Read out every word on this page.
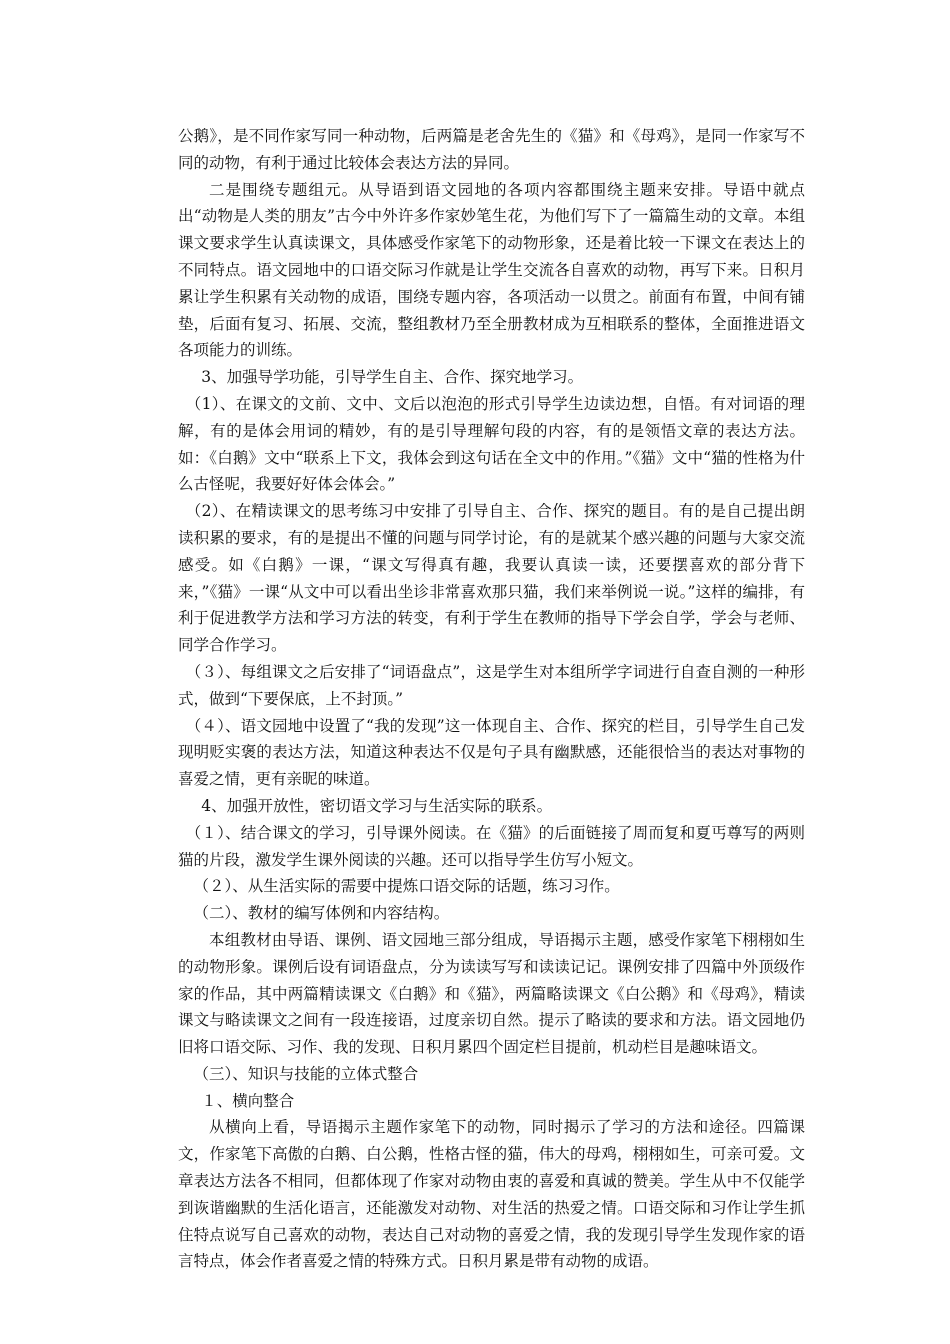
公鹅》，是不同作家写同一种动物，后两篇是老舍先生的《猫》和《母鸡》，是同一作家写不同的动物，有利于通过比较体会表达方法的异同。

二是围绕专题组元。从导语到语文园地的各项内容都围绕主题来安排。导语中就点出“动物是人类的朋友”古今中外许多作家妙笔生花，为他们写下了一篇篇生动的文章。本组课文要求学生认真读课文，具体感受作家笔下的动物形象，还是着比较一下课文在表达上的不同特点。语文园地中的口语交际习作就是让学生交流各自喜欢的动物，再写下来。日积月累让学生积累有关动物的成语，围绕专题内容，各项活动一以贯之。前面有布置，中间有铺垫，后面有复习、拓展、交流，整组教材乃至全册教材成为互相联系的整体，全面推进语文各项能力的训练。

3、加强导学功能，引导学生自主、合作、探究地学习。

（1）、在课文的文前、文中、文后以泡泡的形式引导学生边读边想，自悟。有对词语的理解，有的是体会用词的精妙，有的是引导理解句段的内容，有的是领悟文章的表达方法。如：《白鹅》文中“联系上下文，我体会到这句话在全文中的作用。”《猫》文中“猫的性格为什么古怪呢，我要好好体会体会。”

（2）、在精读课文的思考练习中安排了引导自主、合作、探究的题目。有的是自己提出朗读积累的要求，有的是提出不懂的问题与同学讨论，有的是就某个感兴趣的问题与大家交流感受。如《白鹅》一课，“课文写得真有趣，我要认真读一读，还要摆喜欢的部分背下来，”《猫》一课“从文中可以看出坐诊非常喜欢那只猫，我们来举例说一说。”这样的编排，有利于促进教学方法和学习方法的转变，有利于学生在教师的指导下学会自学，学会与老师、同学合作学习。

（３）、每组课文之后安排了“词语盘点”，这是学生对本组所学字词进行自查自测的一种形式，做到“下要保底，上不封顶。”

（４）、语文园地中设置了“我的发现”这一体现自主、合作、探究的栏目，引导学生自己发现明贬实褒的表达方法，知道这种表达不仅是句子具有幽默感，还能很恰当的表达对事物的喜爱之情，更有亲昵的味道。

4、加强开放性，密切语文学习与生活实际的联系。

（１）、结合课文的学习，引导课外阅读。在《猫》的后面链接了周而复和夏丐尊写的两则猫的片段，激发学生课外阅读的兴趣。还可以指导学生仿写小短文。

（２）、从生活实际的需要中提炼口语交际的话题，练习习作。

（二）、教材的编写体例和内容结构。

本组教材由导语、课例、语文园地三部分组成，导语揭示主题，感受作家笔下栩栩如生的动物形象。课例后设有词语盘点，分为读读写写和读读记记。课例安排了四篇中外顶级作家的作品，其中两篇精读课文《白鹅》和《猫》，两篇略读课文《白公鹅》和《母鸡》，精读课文与略读课文之间有一段连接语，过度亲切自然。提示了略读的要求和方法。语文园地仍旧将口语交际、习作、我的发现、日积月累四个固定栏目提前，机动栏目是趣味语文。

（三）、知识与技能的立体式整合

１、横向整合

从横向上看，导语揭示主题作家笔下的动物，同时揭示了学习的方法和途径。四篇课文，作家笔下高傲的白鹅、白公鹅，性格古怪的猫，伟大的母鸡，栩栩如生，可亲可爱。文章表达方法各不相同，但都体现了作家对动物由衷的喜爱和真诚的赞美。学生从中不仅能学到诙谐幽默的生活化语言，还能激发对动物、对生活的热爱之情。口语交际和习作让学生抓住特点说写自己喜欢的动物，表达自己对动物的喜爱之情，我的发现引导学生发现作家的语言特点，体会作者喜爱之情的特殊方式。日积月累是带有动物的成语。
